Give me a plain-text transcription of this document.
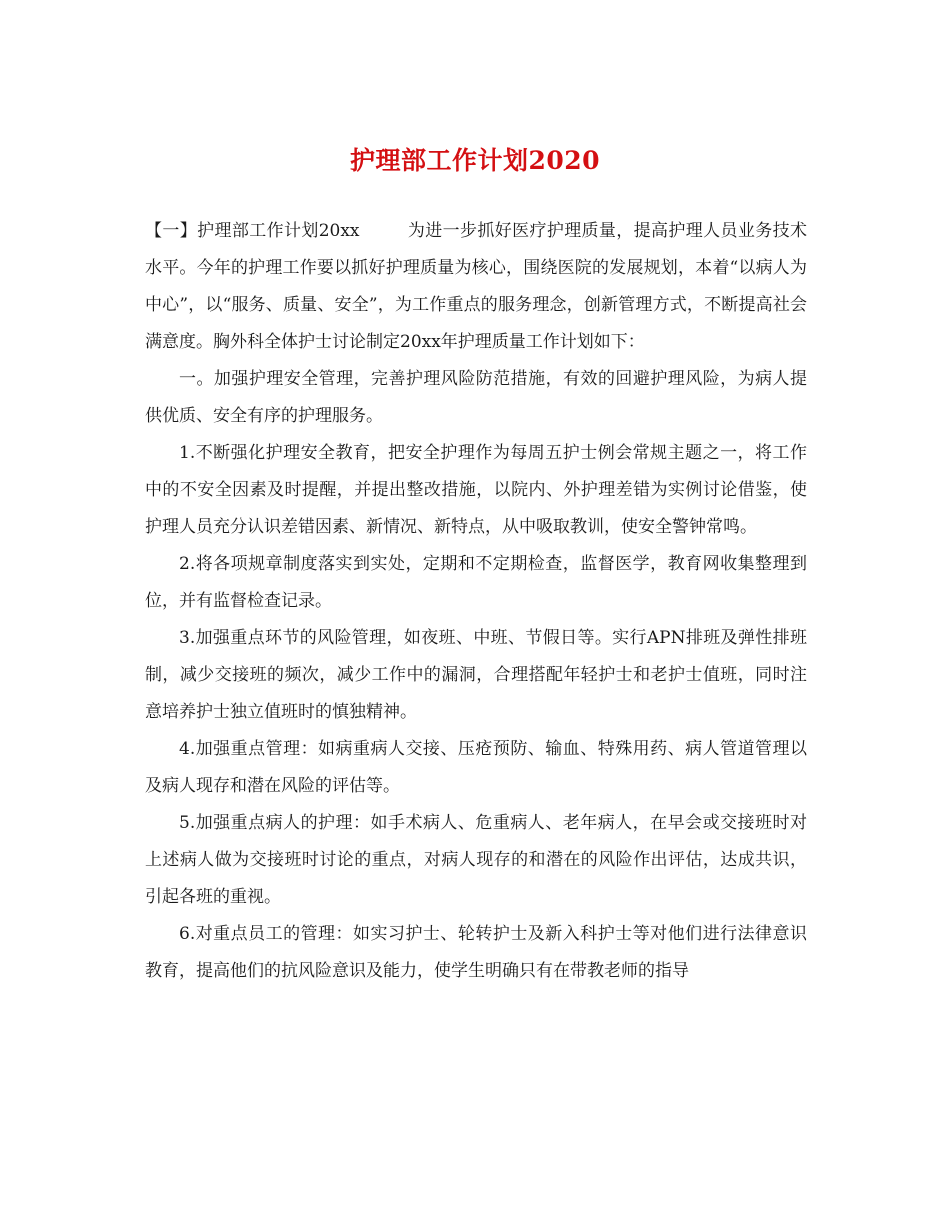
护理部工作计划2020

【一】护理部工作计划20xx	为进一步抓好医疗护理质量，提高护理人员业务技术水平。今年的护理工作要以抓好护理质量为核心，围绕医院的发展规划，本着“以病人为中心”，以“服务、质量、安全”，为工作重点的服务理念，创新管理方式，不断提高社会满意度。胸外科全体护士讨论制定20xx年护理质量工作计划如下：

一。加强护理安全管理，完善护理风险防范措施，有效的回避护理风险，为病人提供优质、安全有序的护理服务。

1.不断强化护理安全教育，把安全护理作为每周五护士例会常规主题之一，将工作中的不安全因素及时提醒，并提出整改措施，以院内、外护理差错为实例讨论借鉴，使护理人员充分认识差错因素、新情况、新特点，从中吸取教训，使安全警钟常鸣。

2.将各项规章制度落实到实处，定期和不定期检查，监督医学，教育网收集整理到位，并有监督检查记录。

3.加强重点环节的风险管理，如夜班、中班、节假日等。实行APN排班及弹性排班制，减少交接班的频次，减少工作中的漏洞，合理搭配年轻护士和老护士值班，同时注意培养护士独立值班时的慎独精神。

4.加强重点管理：如病重病人交接、压疮预防、输血、特殊用药、病人管道管理以及病人现存和潜在风险的评估等。

5.加强重点病人的护理：如手术病人、危重病人、老年病人，在早会或交接班时对上述病人做为交接班时讨论的重点，对病人现存的和潜在的风险作出评估，达成共识，引起各班的重视。

6.对重点员工的管理：如实习护士、轮转护士及新入科护士等对他们进行法律意识教育，提高他们的抗风险意识及能力，使学生明确只有在带教老师的指导
